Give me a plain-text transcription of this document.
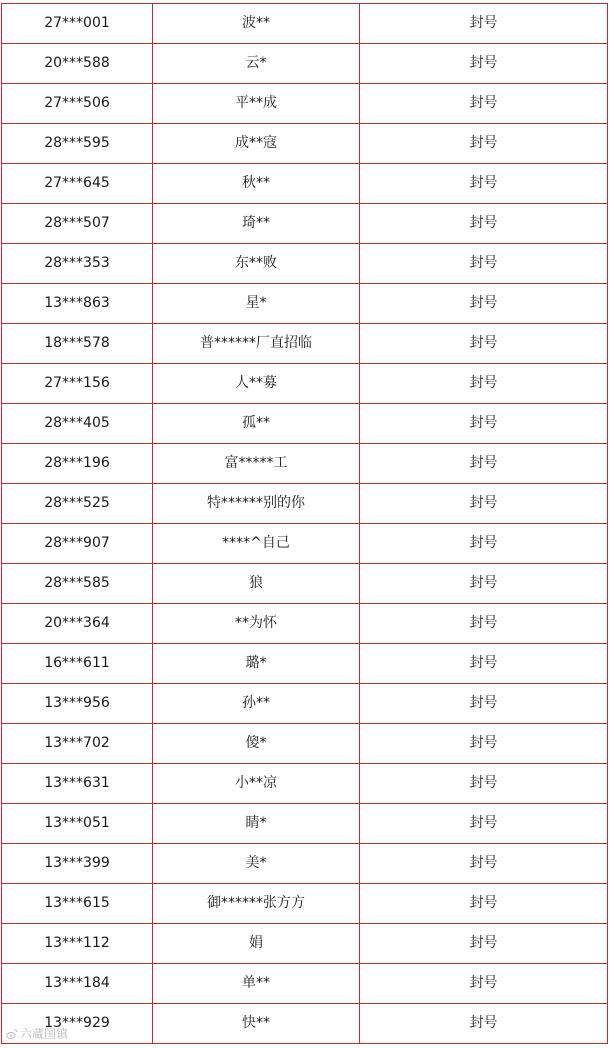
27***001	波**	封号
20***588	云*	封号
27***506	平**成	封号
28***595	成**寇	封号
27***645	秋**	封号
28***507	琦**	封号
28***353	东**败	封号
13***863	星*	封号
18***578	普******厂直招临	封号
27***156	人**募	封号
28***405	孤**	封号
28***196	富*****工	封号
28***525	特******别的你	封号
28***907	****^自己	封号
28***585	狼	封号
20***364	**为怀	封号
16***611	璐*	封号
13***956	孙**	封号
13***702	傻*	封号
13***631	小**凉	封号
13***051	睛*	封号
13***399	美*	封号
13***615	御******张方方	封号
13***112	娟	封号
13***184	单**	封号
13***929	快**	封号
六蔵国镇
